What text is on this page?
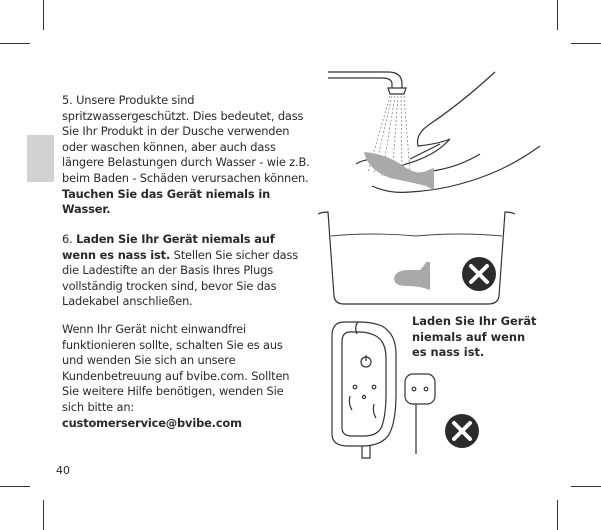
5. Unsere Produkte sind spritzwassergeschützt. Dies bedeutet, dass Sie Ihr Produkt in der Dusche verwenden oder waschen können, aber auch dass längere Belastungen durch Wasser - wie z.B. beim Baden - Schäden verursachen können. Tauchen Sie das Gerät niemals in Wasser.

6. Laden Sie Ihr Gerät niemals auf wenn es nass ist. Stellen Sie sicher dass die Ladestifte an der Basis Ihres Plugs vollständig trocken sind, bevor Sie das Ladekabel anschließen.

Wenn Ihr Gerät nicht einwandfrei funktionieren sollte, schalten Sie es aus und wenden Sie sich an unsere Kundenbetreuung auf bvibe.com. Sollten Sie weitere Hilfe benötigen, wenden Sie sich bitte an:
customerservice@bvibe.com

Laden Sie Ihr Gerät niemals auf wenn es nass ist.

40
